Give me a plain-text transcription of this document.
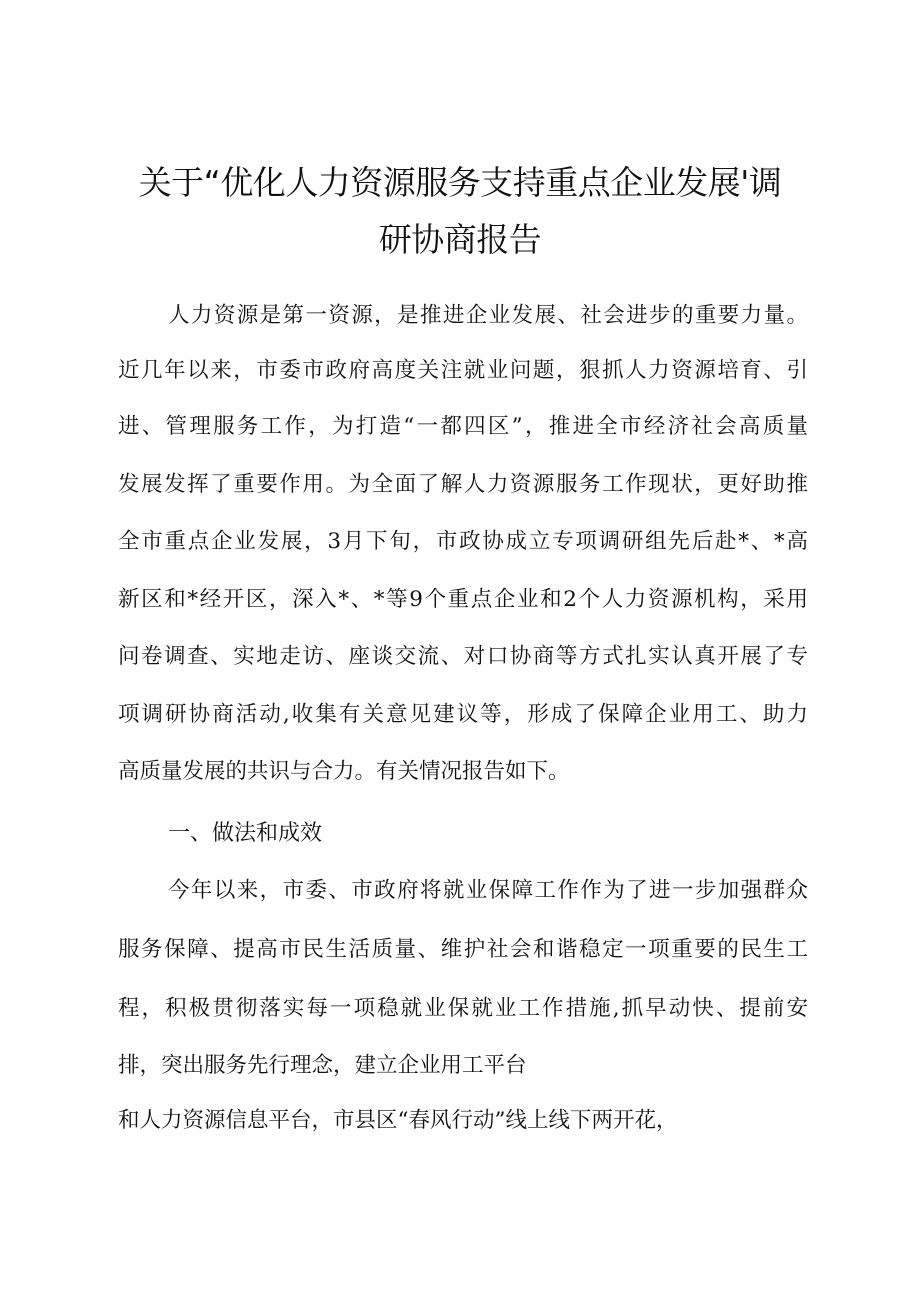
关于“优化人力资源服务支持重点企业发展'调
研协商报告
人力资源是第一资源，是推进企业发展、社会进步的重要力量。
近几年以来，市委市政府高度关注就业问题，狠抓人力资源培育、引
进、管理服务工作，为打造“一都四区”，推进全市经济社会高质量
发展发挥了重要作用。为全面了解人力资源服务工作现状，更好助推
全市重点企业发展，3月下旬，市政协成立专项调研组先后赴*、*高
新区和*经开区，深入*、*等9个重点企业和2个人力资源机构，采用
问卷调查、实地走访、座谈交流、对口协商等方式扎实认真开展了专
项调研协商活动,收集有关意见建议等，形成了保障企业用工、助力
高质量发展的共识与合力。有关情况报告如下。
一、做法和成效
今年以来，市委、市政府将就业保障工作作为了进一步加强群众
服务保障、提高市民生活质量、维护社会和谐稳定一项重要的民生工
程，积极贯彻落实每一项稳就业保就业工作措施,抓早动快、提前安
排，突出服务先行理念，建立企业用工平台
和人力资源信息平台，市县区“春风行动”线上线下两开花，
